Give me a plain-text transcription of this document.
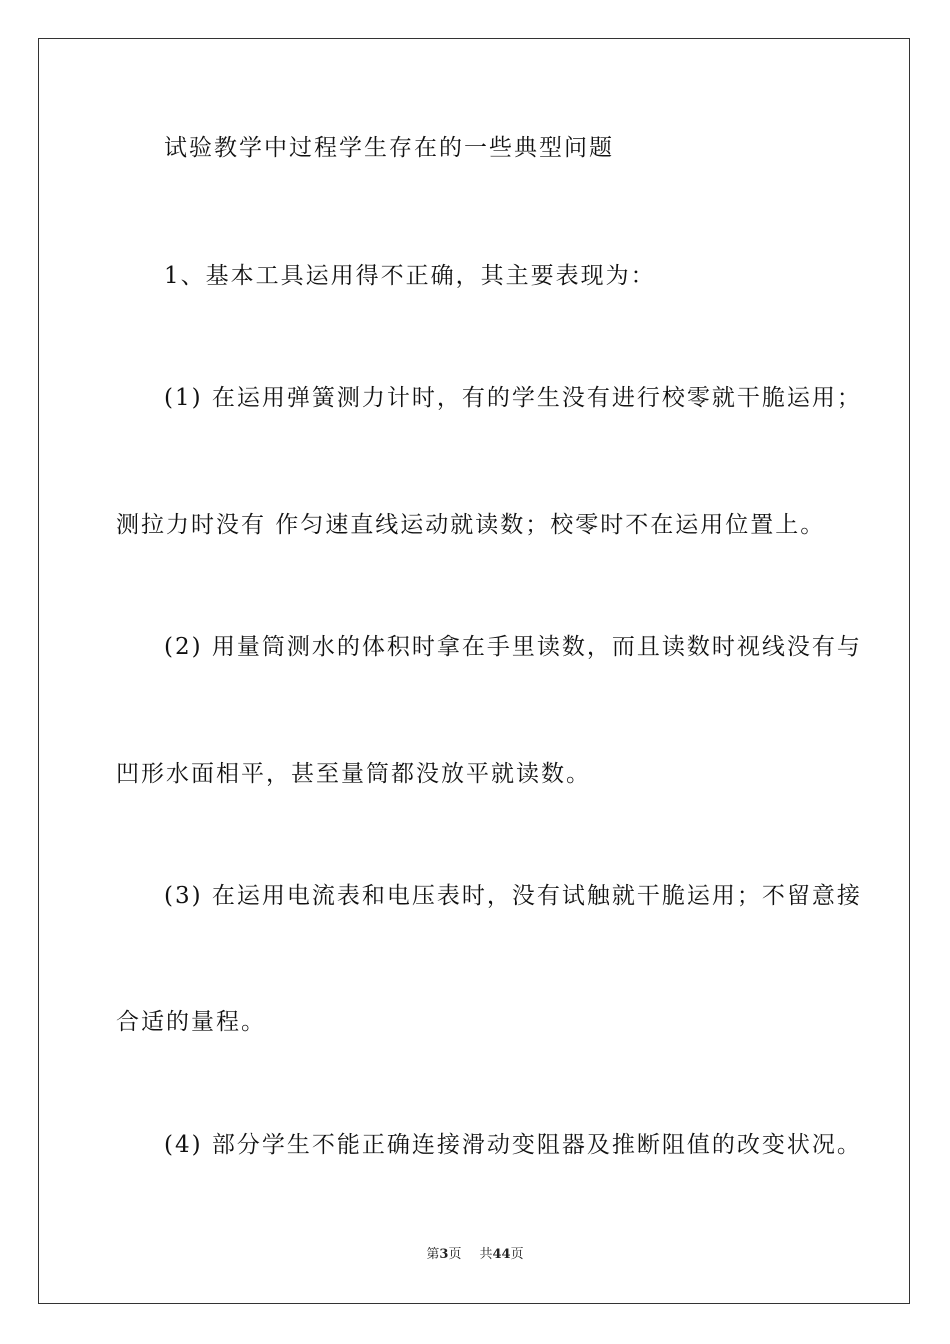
试验教学中过程学生存在的一些典型问题
1、基本工具运用得不正确，其主要表现为：
(1) 在运用弹簧测力计时，有的学生没有进行校零就干脆运用；
测拉力时没有 作匀速直线运动就读数；校零时不在运用位置上。
(2) 用量筒测水的体积时拿在手里读数，而且读数时视线没有与
凹形水面相平，甚至量筒都没放平就读数。
(3) 在运用电流表和电压表时，没有试触就干脆运用；不留意接
合适的量程。
(4) 部分学生不能正确连接滑动变阻器及推断阻值的改变状况。
第3页 共44页
